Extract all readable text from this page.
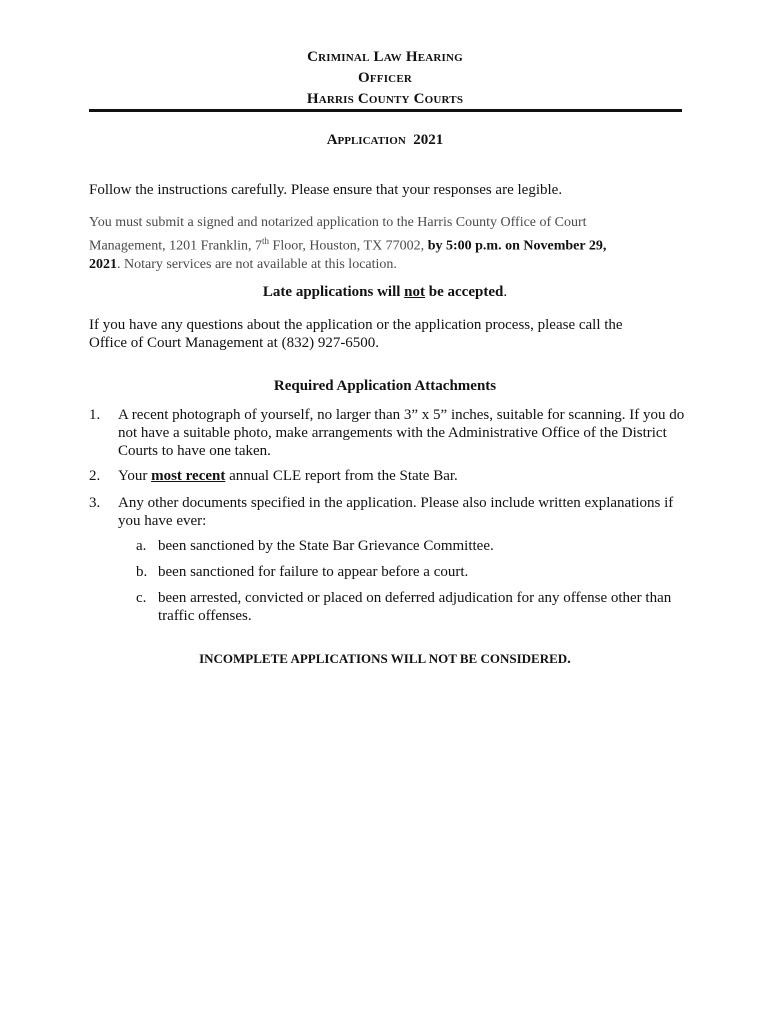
Criminal Law Hearing
Officer
Harris County Courts
Application 2021
Follow the instructions carefully. Please ensure that your responses are legible.
You must submit a signed and notarized application to the Harris County Office of Court Management, 1201 Franklin, 7th Floor, Houston, TX 77002, by 5:00 p.m. on November 29, 2021. Notary services are not available at this location.
Late applications will not be accepted.
If you have any questions about the application or the application process, please call the Office of Court Management at (832) 927-6500.
Required Application Attachments
1. A recent photograph of yourself, no larger than 3” x 5” inches, suitable for scanning. If you do not have a suitable photo, make arrangements with the Administrative Office of the District Courts to have one taken.
2. Your most recent annual CLE report from the State Bar.
3. Any other documents specified in the application. Please also include written explanations if you have ever:
a. been sanctioned by the State Bar Grievance Committee.
b. been sanctioned for failure to appear before a court.
c. been arrested, convicted or placed on deferred adjudication for any offense other than traffic offenses.
INCOMPLETE APPLICATIONS WILL NOT BE CONSIDERED.
